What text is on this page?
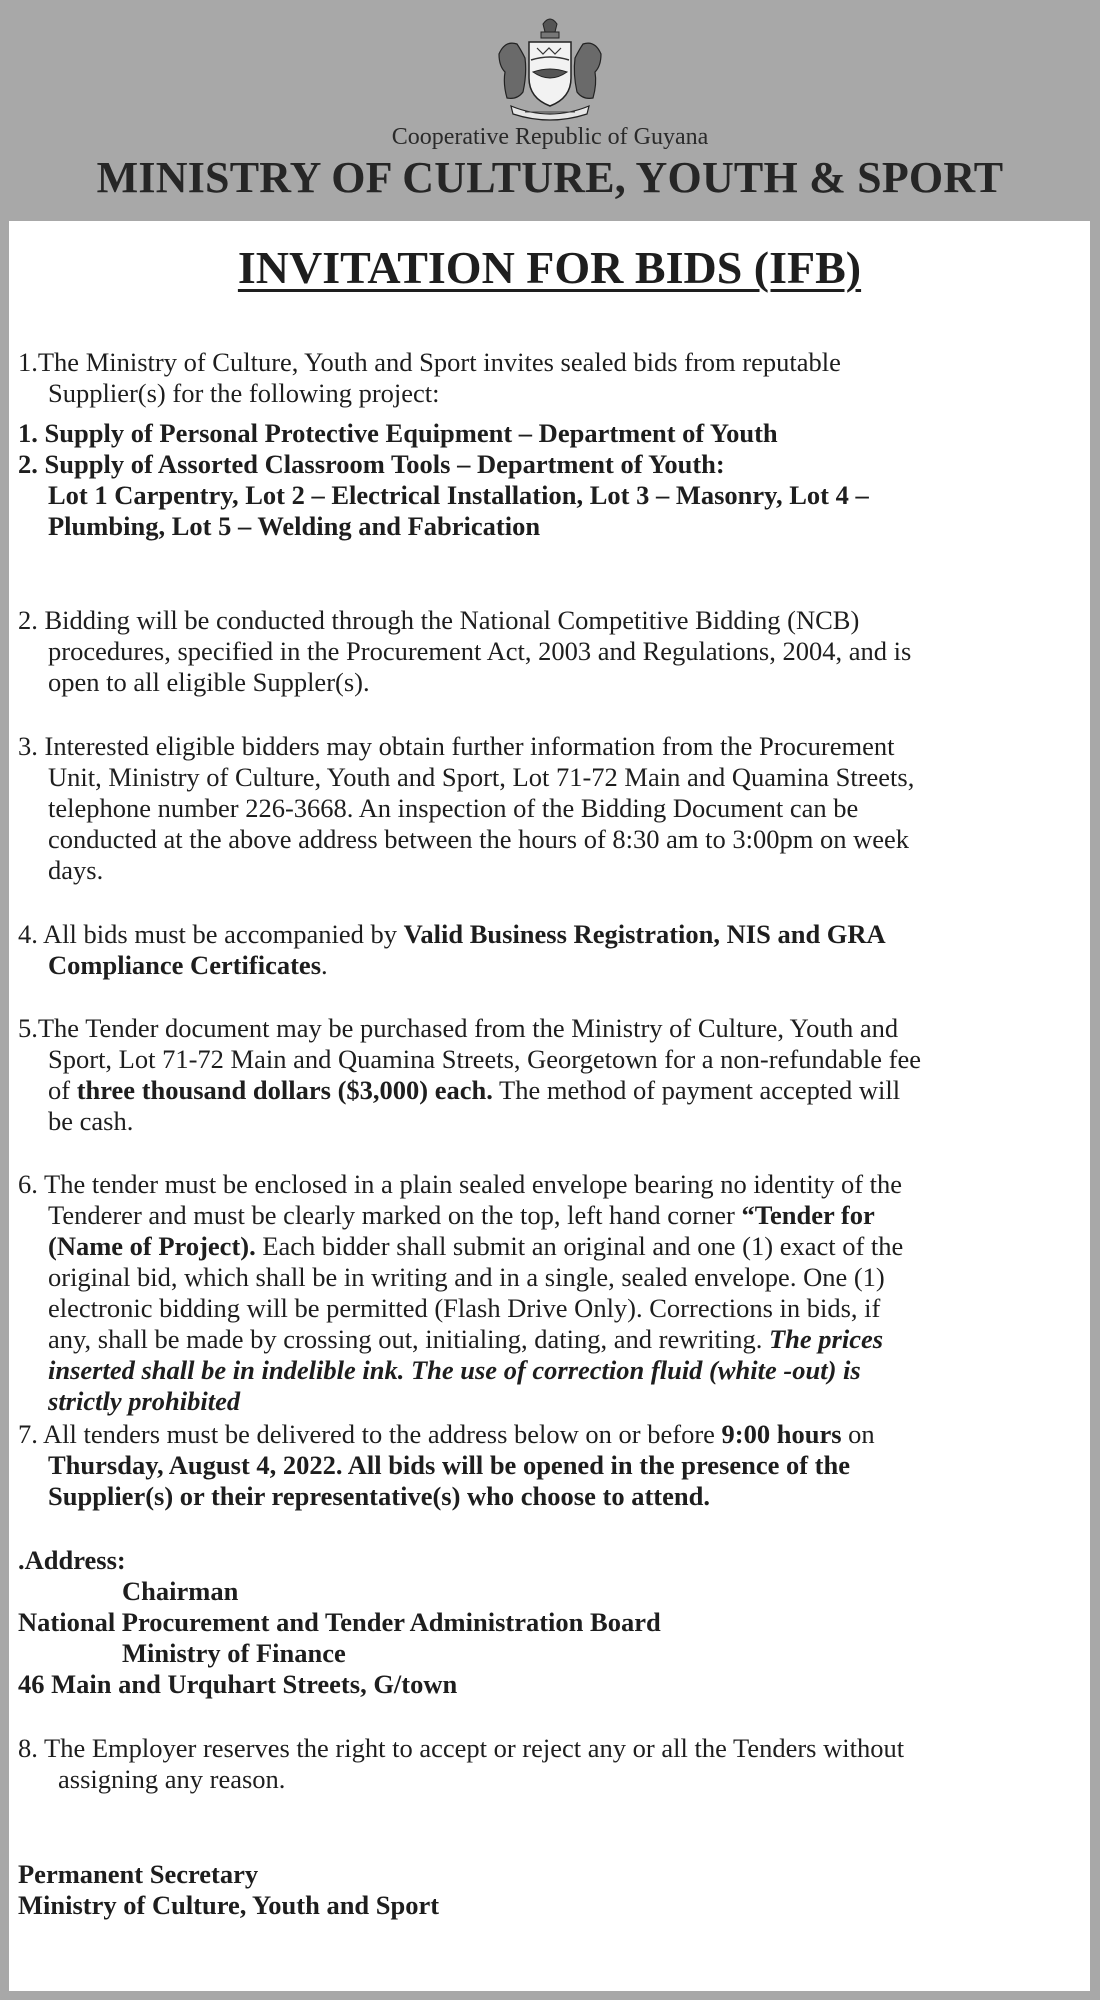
Cooperative Republic of Guyana
MINISTRY OF CULTURE, YOUTH & SPORT
INVITATION FOR BIDS (IFB)
1.The Ministry of Culture, Youth and Sport invites sealed bids from reputable
Supplier(s) for the following project:
1. Supply of Personal Protective Equipment – Department of Youth
2. Supply of Assorted Classroom Tools – Department of Youth:
Lot 1 Carpentry, Lot 2 – Electrical Installation, Lot 3 – Masonry, Lot 4 –
Plumbing, Lot 5 – Welding and Fabrication
2. Bidding will be conducted through the National Competitive Bidding (NCB)
procedures, specified in the Procurement Act, 2003 and Regulations, 2004, and is
open to all eligible Suppler(s).
3. Interested eligible bidders may obtain further information from the Procurement
Unit, Ministry of Culture, Youth and Sport, Lot 71-72 Main and Quamina Streets,
telephone number 226-3668. An inspection of the Bidding Document can be
conducted at the above address between the hours of 8:30 am to 3:00pm on week
days.
4. All bids must be accompanied by Valid Business Registration, NIS and GRA
Compliance Certificates.
5.The Tender document may be purchased from the Ministry of Culture, Youth and
Sport, Lot 71-72 Main and Quamina Streets, Georgetown for a non-refundable fee
of three thousand dollars ($3,000) each. The method of payment accepted will
be cash.
6. The tender must be enclosed in a plain sealed envelope bearing no identity of the
Tenderer and must be clearly marked on the top, left hand corner “Tender for
(Name of Project). Each bidder shall submit an original and one (1) exact of the
original bid, which shall be in writing and in a single, sealed envelope. One (1)
electronic bidding will be permitted (Flash Drive Only). Corrections in bids, if
any, shall be made by crossing out, initialing, dating, and rewriting. The prices
inserted shall be in indelible ink. The use of correction fluid (white -out) is
strictly prohibited
7. All tenders must be delivered to the address below on or before 9:00 hours on
Thursday, August 4, 2022. All bids will be opened in the presence of the
Supplier(s) or their representative(s) who choose to attend.
.Address:
Chairman
National Procurement and Tender Administration Board
Ministry of Finance
46 Main and Urquhart Streets, G/town
8. The Employer reserves the right to accept or reject any or all the Tenders without
assigning any reason.
Permanent Secretary
Ministry of Culture, Youth and Sport
